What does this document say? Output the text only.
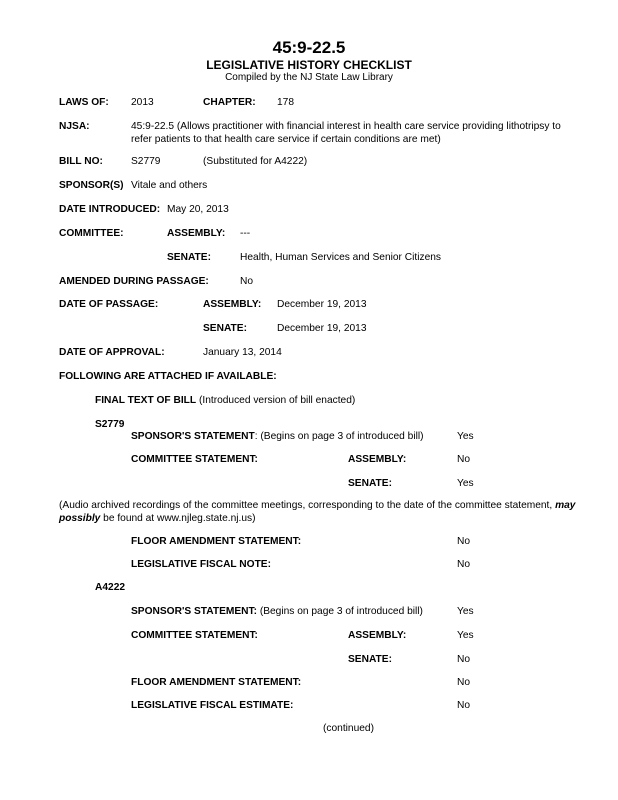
45:9-22.5
LEGISLATIVE HISTORY CHECKLIST
Compiled by the NJ State Law Library
LAWS OF: 2013	CHAPTER: 178
NJSA:	45:9-22.5 (Allows practitioner with financial interest in health care service providing lithotripsy to refer patients to that health care service if certain conditions are met)
BILL NO:	S2779	(Substituted for A4222)
SPONSOR(S) Vitale and others
DATE INTRODUCED: May 20, 2013
COMMITTEE:	ASSEMBLY: ---
SENATE:	Health, Human Services and Senior Citizens
AMENDED DURING PASSAGE:	No
DATE OF PASSAGE:	ASSEMBLY: December 19, 2013
SENATE:	December 19, 2013
DATE OF APPROVAL:	January 13, 2014
FOLLOWING ARE ATTACHED IF AVAILABLE:
FINAL TEXT OF BILL (Introduced version of bill enacted)
S2779
SPONSOR'S STATEMENT: (Begins on page 3 of introduced bill)	Yes
COMMITTEE STATEMENT:	ASSEMBLY:	No
SENATE:	Yes
(Audio archived recordings of the committee meetings, corresponding to the date of the committee statement, may possibly be found at www.njleg.state.nj.us)
FLOOR AMENDMENT STATEMENT:	No
LEGISLATIVE FISCAL NOTE:	No
A4222
SPONSOR'S STATEMENT: (Begins on page 3 of introduced bill)	Yes
COMMITTEE STATEMENT:	ASSEMBLY:	Yes
SENATE:	No
FLOOR AMENDMENT STATEMENT:	No
LEGISLATIVE FISCAL ESTIMATE:	No
(continued)
